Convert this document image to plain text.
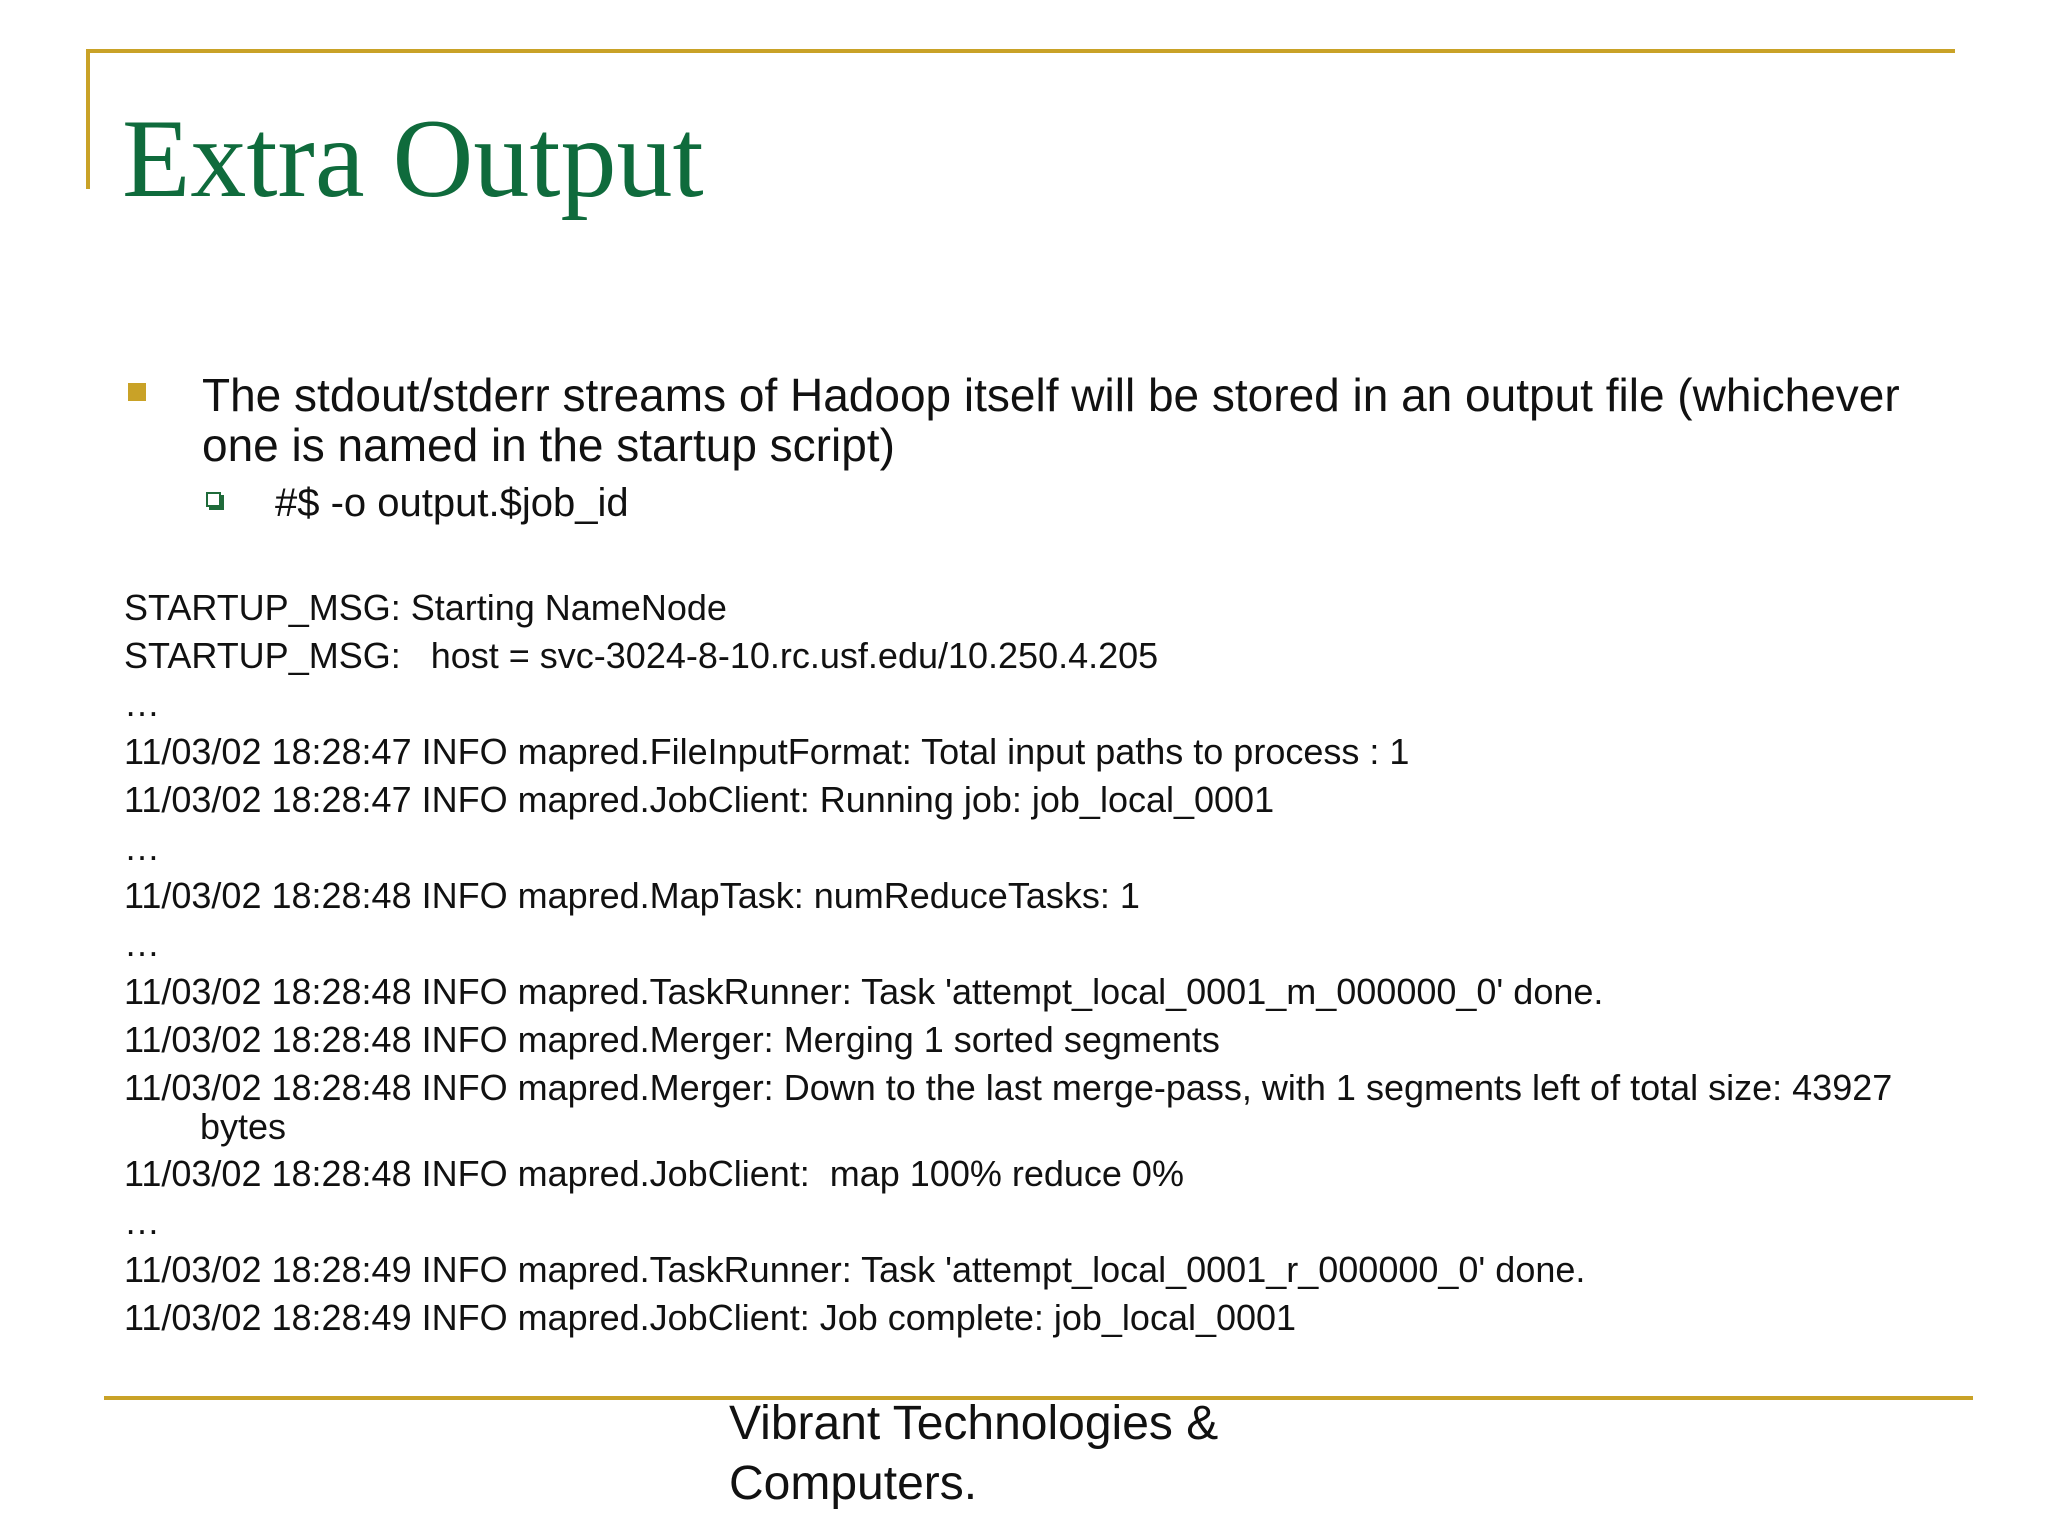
Extra Output
The stdout/stderr streams of Hadoop itself will be stored in an output file (whichever one is named in the startup script)
#$ -o output.$job_id
STARTUP_MSG: Starting NameNode
STARTUP_MSG:   host = svc-3024-8-10.rc.usf.edu/10.250.4.205
…
11/03/02 18:28:47 INFO mapred.FileInputFormat: Total input paths to process : 1
11/03/02 18:28:47 INFO mapred.JobClient: Running job: job_local_0001
…
11/03/02 18:28:48 INFO mapred.MapTask: numReduceTasks: 1
…
11/03/02 18:28:48 INFO mapred.TaskRunner: Task 'attempt_local_0001_m_000000_0' done.
11/03/02 18:28:48 INFO mapred.Merger: Merging 1 sorted segments
11/03/02 18:28:48 INFO mapred.Merger: Down to the last merge-pass, with 1 segments left of total size: 43927 bytes
11/03/02 18:28:48 INFO mapred.JobClient:  map 100% reduce 0%
…
11/03/02 18:28:49 INFO mapred.TaskRunner: Task 'attempt_local_0001_r_000000_0' done.
11/03/02 18:28:49 INFO mapred.JobClient: Job complete: job_local_0001
Vibrant Technologies &
Computers.
